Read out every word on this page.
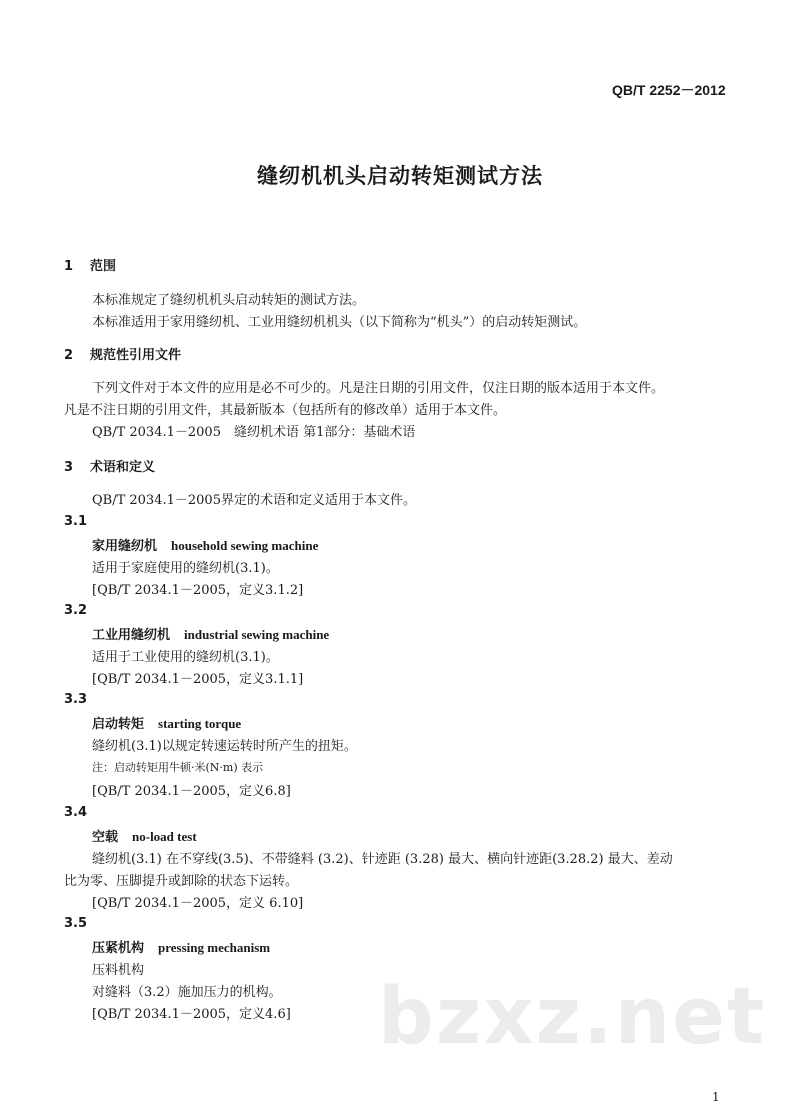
QB/T 2252－2012
缝纫机机头启动转矩测试方法
1 范围
本标准规定了缝纫机机头启动转矩的测试方法。
本标准适用于家用缝纫机、工业用缝纫机机头（以下简称为“机头”）的启动转矩测试。
2 规范性引用文件
下列文件对于本文件的应用是必不可少的。凡是注日期的引用文件，仅注日期的版本适用于本文件。
凡是不注日期的引用文件，其最新版本（包括所有的修改单）适用于本文件。
QB/T 2034.1－2005　缝纫机术语 第1部分：基础术语
3 术语和定义
QB/T 2034.1－2005界定的术语和定义适用于本文件。
3.1
家用缝纫机 household sewing machine
适用于家庭使用的缝纫机(3.1)。
[QB/T 2034.1－2005，定义3.1.2]
3.2
工业用缝纫机 industrial sewing machine
适用于工业使用的缝纫机(3.1)。
[QB/T 2034.1－2005，定义3.1.1]
3.3
启动转矩 starting torque
缝纫机(3.1)以规定转速运转时所产生的扭矩。
注：启动转矩用牛顿·米(N·m) 表示
[QB/T 2034.1－2005，定义6.8]
3.4
空载 no-load test
缝纫机(3.1) 在不穿线(3.5)、不带缝料 (3.2)、针迹距 (3.28) 最大、横向针迹距(3.28.2) 最大、差动
比为零、压脚提升或卸除的状态下运转。
[QB/T 2034.1－2005，定义 6.10]
3.5
压紧机构 pressing mechanism
压料机构
对缝料（3.2）施加压力的机构。
[QB/T 2034.1－2005，定义4.6] bzxz.net
1
